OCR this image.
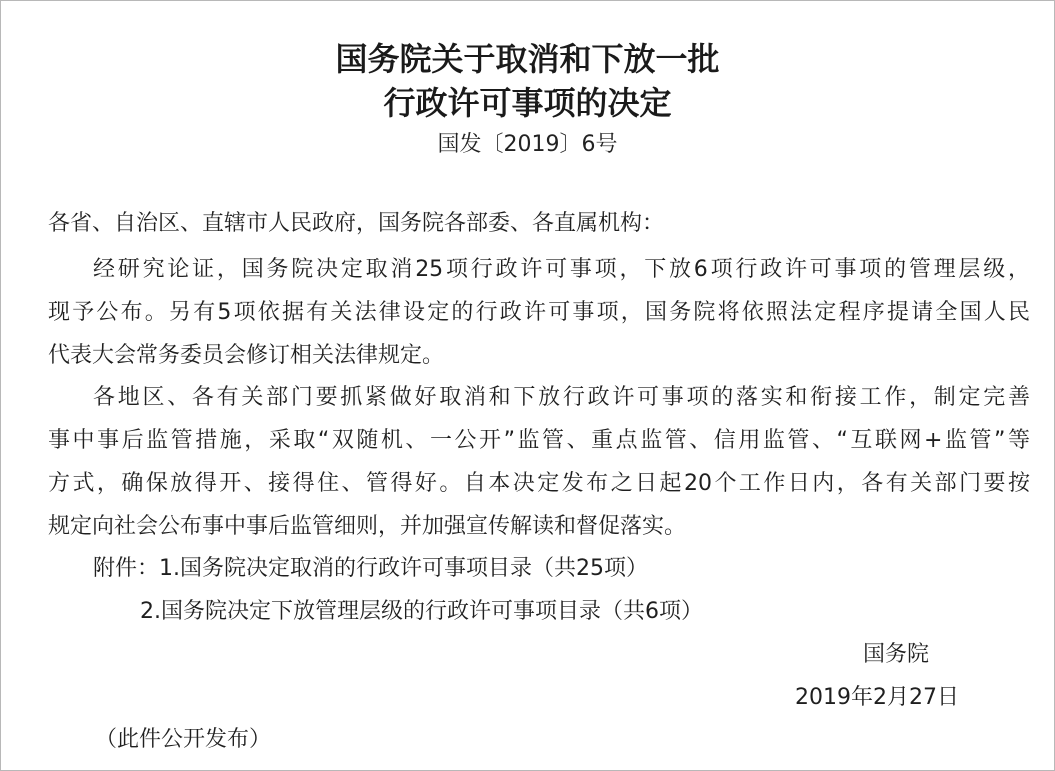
国务院关于取消和下放一批
行政许可事项的决定
国发〔2019〕6号
各省、自治区、直辖市人民政府，国务院各部委、各直属机构：
经研究论证，国务院决定取消25项行政许可事项，下放6项行政许可事项的管理层级，
现予公布。另有5项依据有关法律设定的行政许可事项，国务院将依照法定程序提请全国人民
代表大会常务委员会修订相关法律规定。
各地区、各有关部门要抓紧做好取消和下放行政许可事项的落实和衔接工作，制定完善
事中事后监管措施，采取“双随机、一公开”监管、重点监管、信用监管、“互联网+监管”等
方式，确保放得开、接得住、管得好。自本决定发布之日起20个工作日内，各有关部门要按
规定向社会公布事中事后监管细则，并加强宣传解读和督促落实。
附件：1.国务院决定取消的行政许可事项目录（共25项）
2.国务院决定下放管理层级的行政许可事项目录（共6项）
国务院
2019年2月27日
（此件公开发布）
